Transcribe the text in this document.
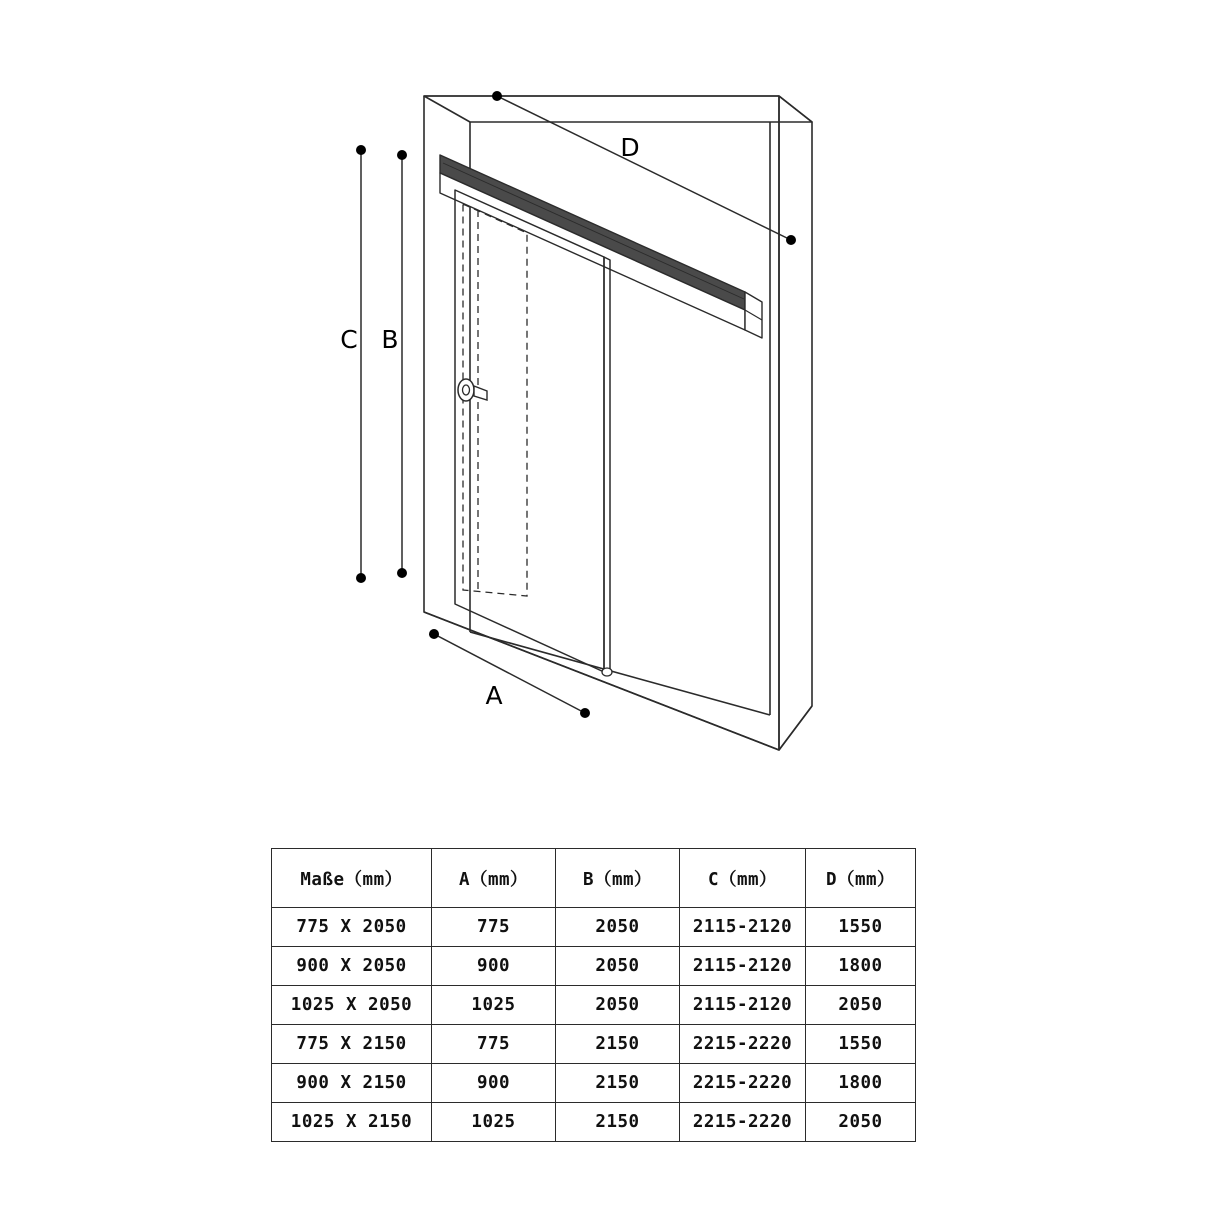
D
C B
A
Maße（mm）	A（mm）	B（mm）	C（mm）	D（mm）
775 X 2050	775	2050	2115-2120	1550
900 X 2050	900	2050	2115-2120	1800
1025 X 2050	1025	2050	2115-2120	2050
775 X 2150	775	2150	2215-2220	1550
900 X 2150	900	2150	2215-2220	1800
1025 X 2150	1025	2150	2215-2220	2050
